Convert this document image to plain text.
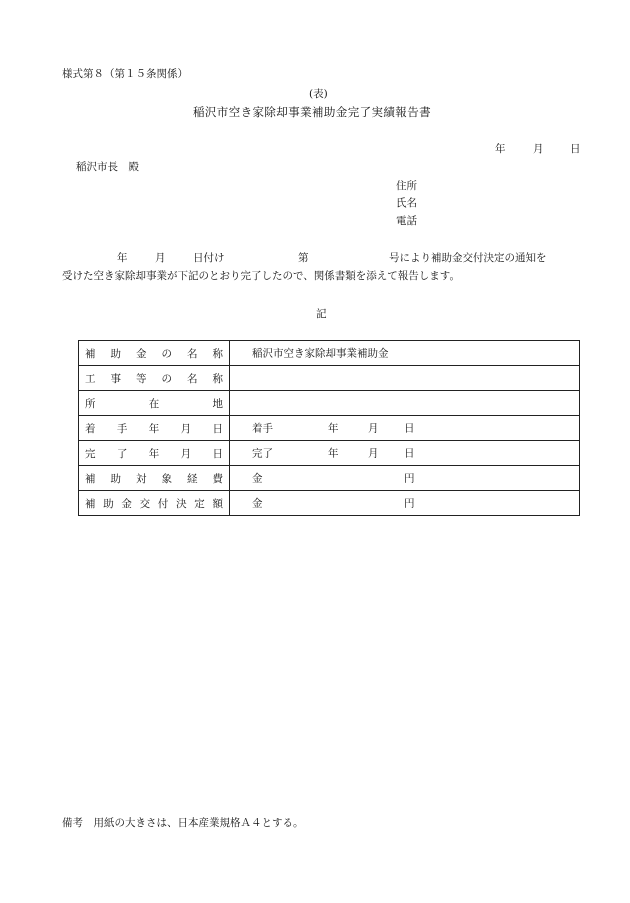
様式第８（第１５条関係）
(表)
稲沢市空き家除却事業補助金完了実績報告書
年	月	日
稲沢市長　殿
住所
氏名
電話
年	月	日付け	第	号により補助金交付決定の通知を
受けた空き家除却事業が下記のとおり完了したので、関係書類を添えて報告します。
記
補助金の名称	稲沢市空き家除却事業補助金

工事等の名称	

所在地	

着手年月日	着手 年 月 日

完了年月日	完了 年 月 日

補助対象経費	金 円

補助金交付決定額	金 円
備考　用紙の大きさは、日本産業規格Ａ４とする。
